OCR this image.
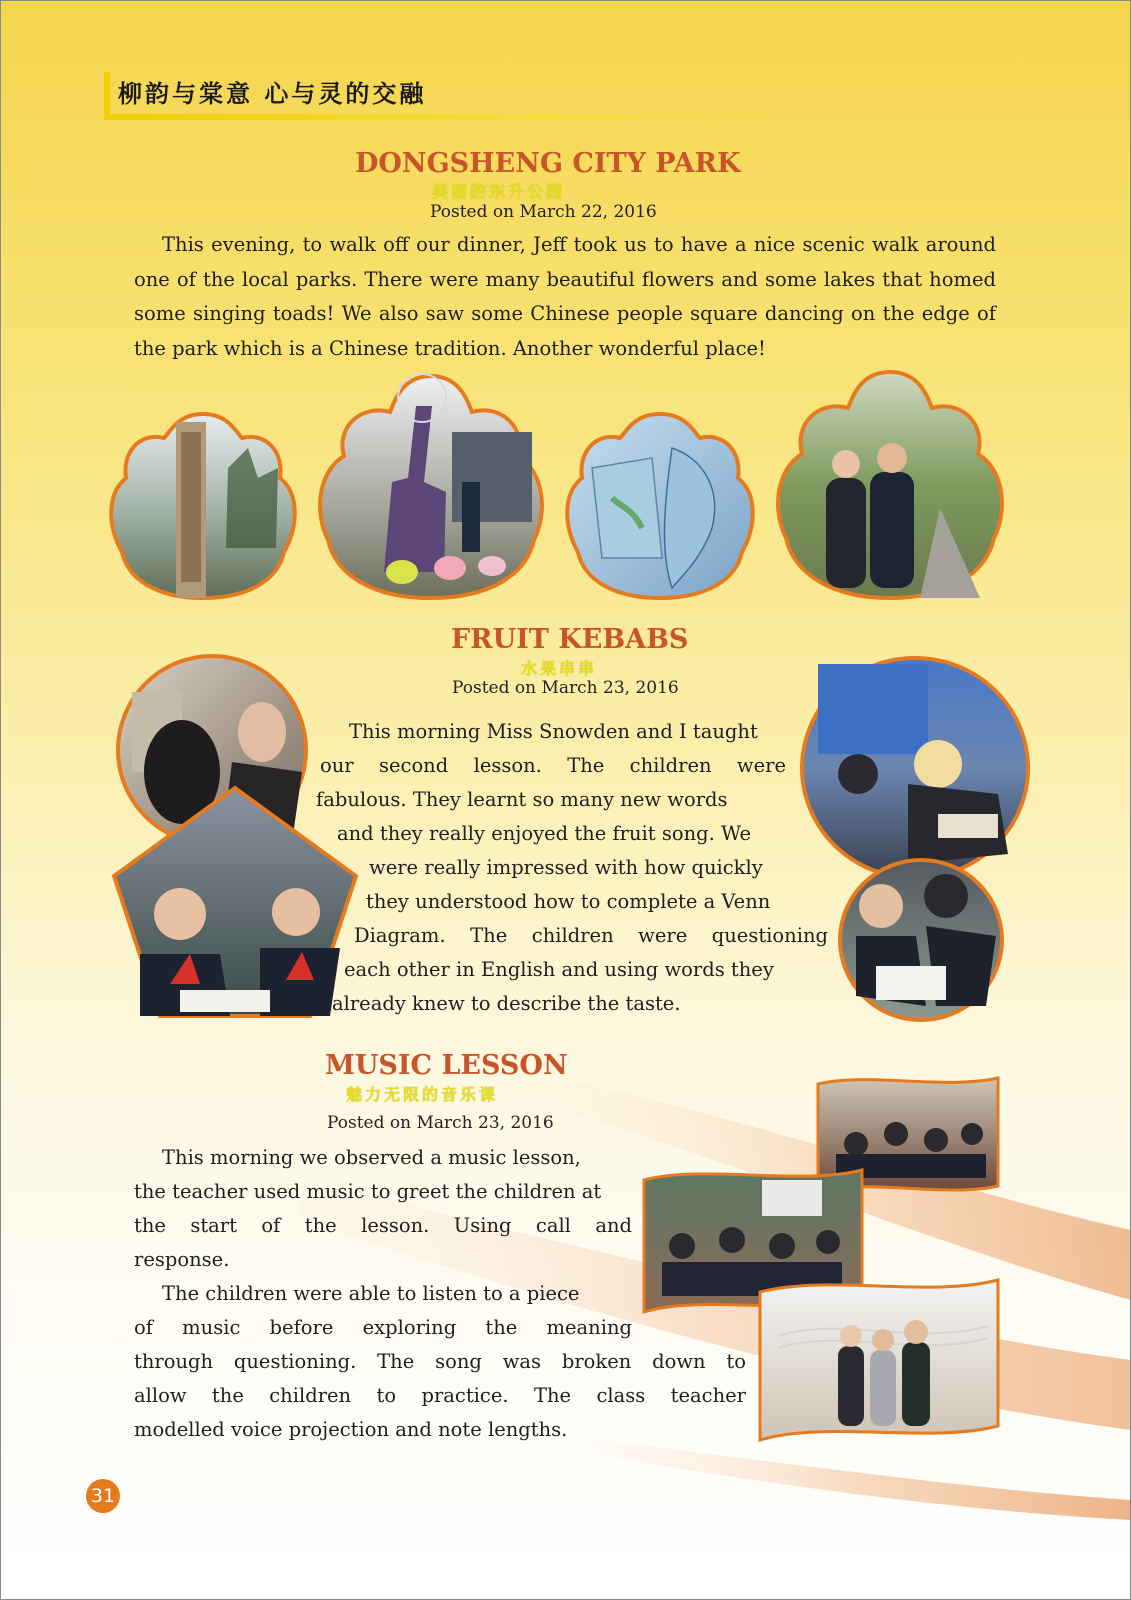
柳韵与棠意 心与灵的交融
DONGSHENG CITY PARK
美丽的东升公园
Posted on March 22, 2016

This evening, to walk off our dinner, Jeff took us to have a nice scenic walk around one of the local parks. There were many beautiful flowers and some lakes that homed some singing toads! We also saw some Chinese people square dancing on the edge of the park which is a Chinese tradition. Another wonderful place!

FRUIT KEBABS
水果串串
Posted on March 23, 2016
This morning Miss Snowden and I taught
our second lesson. The children were
fabulous. They learnt so many new words
and they really enjoyed the fruit song. We
were really impressed with how quickly
they understood how to complete a Venn
Diagram. The children were questioning
each other in English and using words they
already knew to describe the taste.
MUSIC LESSON
魅力无限的音乐课
Posted on March 23, 2016
This morning we observed a music lesson,
the teacher used music to greet the children at
the start of the lesson. Using call and
response.
The children were able to listen to a piece
of music before exploring the meaning
through questioning. The song was broken down to
allow the children to practice. The class teacher
modelled voice projection and note lengths.
31
